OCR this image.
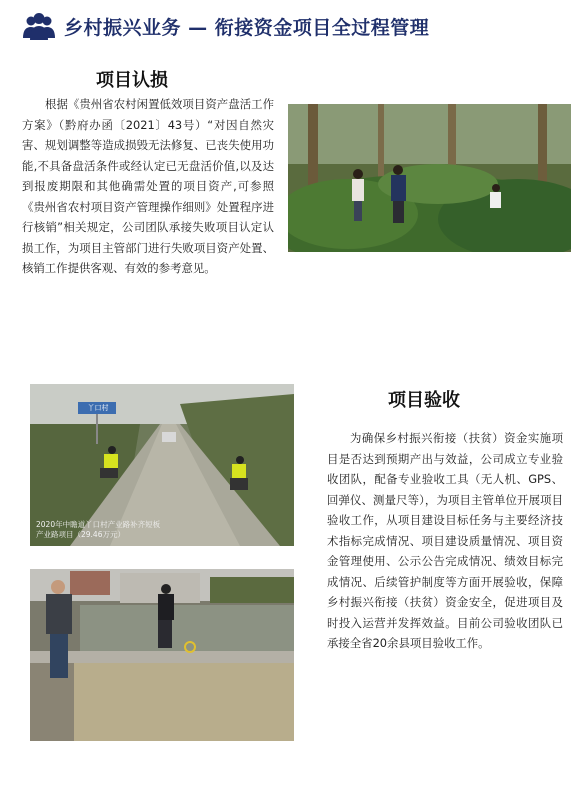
乡村振兴业务 — 衔接资金项目全过程管理
项目认损
根据《贵州省农村闲置低效项目资产盘活工作方案》（黔府办函〔2021〕43号）“对因自然灾害、规划调整等造成损毁无法修复、已丧失使用功能,不具备盘活条件或经认定已无盘活价值,以及达到报废期限和其他确需处置的项目资产,可参照《贵州省农村项目资产管理操作细则》处置程序进行核销”相关规定，公司团队承接失败项目认定认损工作，为项目主管部门进行失败项目资产处置、核销工作提供客观、有效的参考意见。
项目验收
为确保乡村振兴衔接（扶贫）资金实施项目是否达到预期产出与效益，公司成立专业验收团队，配备专业验收工具（无人机、GPS、回弹仪、测量尺等），为项目主管单位开展项目验收工作，从项目建设目标任务与主要经济技术指标完成情况、项目建设质量情况、项目资金管理使用、公示公告完成情况、绩效目标完成情况、后续管护制度等方面开展验收，保障乡村振兴衔接（扶贫）资金安全，促进项目及时投入运营并发挥效益。目前公司验收团队已承接全省20余县项目验收工作。
丫口村
2020年中瞻道丫口村产业路补齐短板产业路项目（29.46万元）
